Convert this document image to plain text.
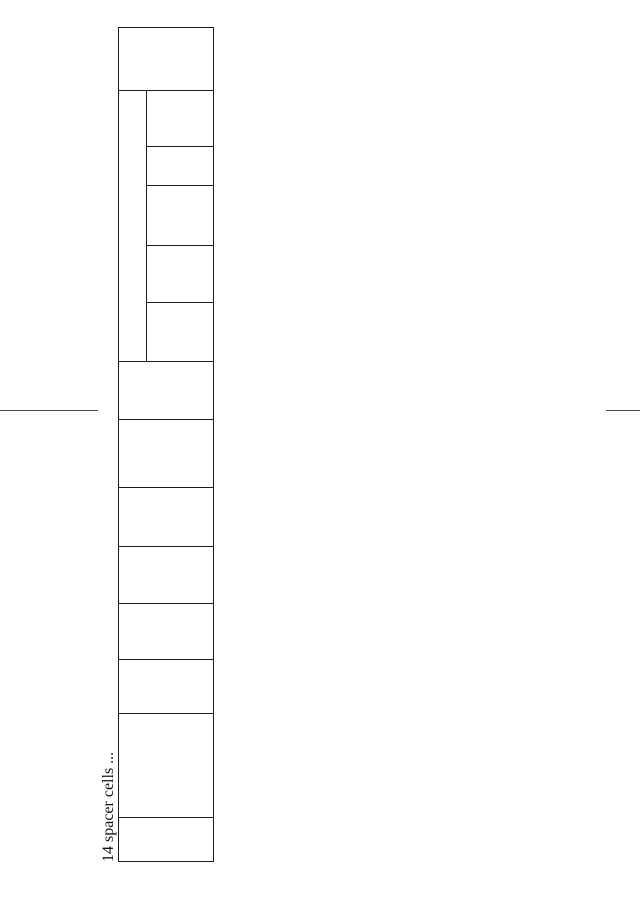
14 spacer cells ...
